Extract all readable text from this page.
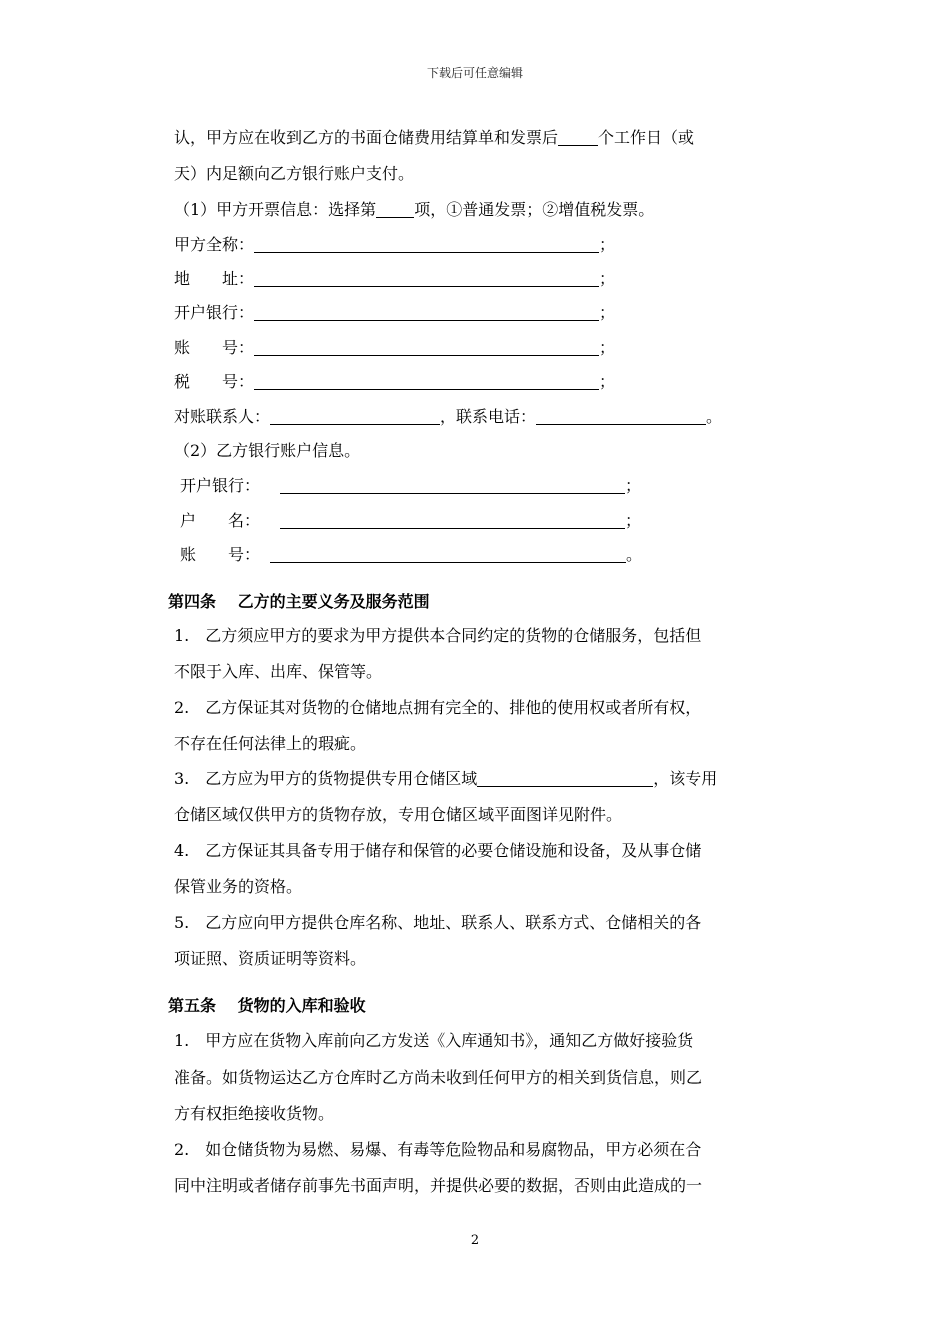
下载后可任意编辑
认，甲方应在收到乙方的书面仓储费用结算单和发票后	个工作日（或
天）内足额向乙方银行账户支付。
（1）甲方开票信息：选择第 项，①普通发票；②增值税发票。
甲方全称：	；
地　　址：	；
开户银行：	；
账　　号：	；
税　　号：	；
对账联系人：	，联系电话：	。
（2）乙方银行账户信息。
开户银行：	；
户　　名：	；
账　　号：	。
第四条　 乙方的主要义务及服务范围
1.　乙方须应甲方的要求为甲方提供本合同约定的货物的仓储服务，包括但
不限于入库、出库、保管等。
2.　乙方保证其对货物的仓储地点拥有完全的、排他的使用权或者所有权，
不存在任何法律上的瑕疵。
3.　乙方应为甲方的货物提供专用仓储区域	，该专用
仓储区域仅供甲方的货物存放，专用仓储区域平面图详见附件。
4.　乙方保证其具备专用于储存和保管的必要仓储设施和设备，及从事仓储
保管业务的资格。
5.　乙方应向甲方提供仓库名称、地址、联系人、联系方式、仓储相关的各
项证照、资质证明等资料。
第五条　 货物的入库和验收
1.　甲方应在货物入库前向乙方发送《入库通知书》，通知乙方做好接验货
准备。如货物运达乙方仓库时乙方尚未收到任何甲方的相关到货信息，则乙
方有权拒绝接收货物。
2.　如仓储货物为易燃、易爆、有毒等危险物品和易腐物品，甲方必须在合
同中注明或者储存前事先书面声明，并提供必要的数据，否则由此造成的一
2
